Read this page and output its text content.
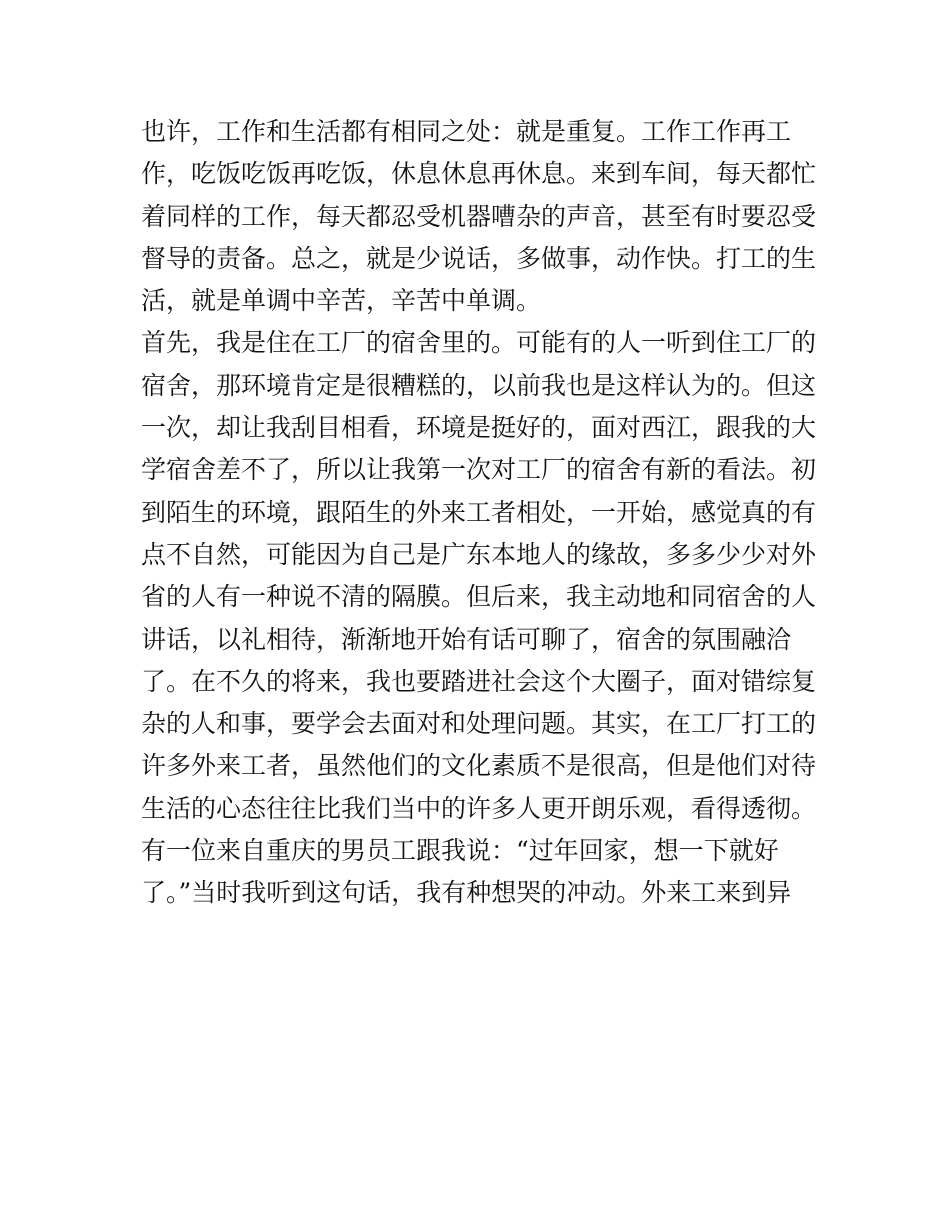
也许，工作和生活都有相同之处：就是重复。工作工作再工
作，吃饭吃饭再吃饭，休息休息再休息。来到车间，每天都忙
着同样的工作，每天都忍受机器嘈杂的声音，甚至有时要忍受
督导的责备。总之，就是少说话，多做事，动作快。打工的生
活，就是单调中辛苦，辛苦中单调。
首先，我是住在工厂的宿舍里的。可能有的人一听到住工厂的
宿舍，那环境肯定是很糟糕的，以前我也是这样认为的。但这
一次，却让我刮目相看，环境是挺好的，面对西江，跟我的大
学宿舍差不了，所以让我第一次对工厂的宿舍有新的看法。初
到陌生的环境，跟陌生的外来工者相处，一开始，感觉真的有
点不自然，可能因为自己是广东本地人的缘故，多多少少对外
省的人有一种说不清的隔膜。但后来，我主动地和同宿舍的人
讲话，以礼相待，渐渐地开始有话可聊了，宿舍的氛围融洽
了。在不久的将来，我也要踏进社会这个大圈子，面对错综复
杂的人和事，要学会去面对和处理问题。其实，在工厂打工的
许多外来工者，虽然他们的文化素质不是很高，但是他们对待
生活的心态往往比我们当中的许多人更开朗乐观，看得透彻。
有一位来自重庆的男员工跟我说：“过年回家，想一下就好
了。”当时我听到这句话，我有种想哭的冲动。外来工来到异
